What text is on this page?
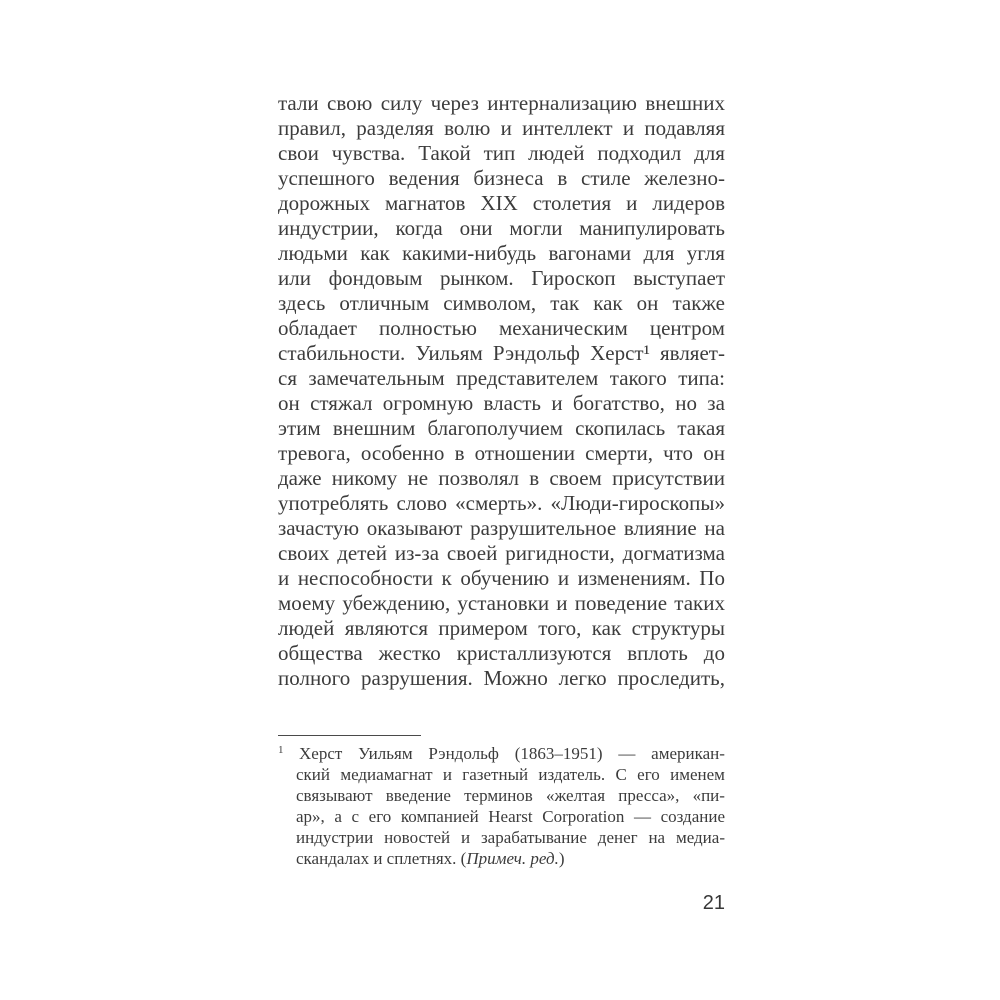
тали свою силу через интернализацию внешних
правил, разделяя волю и интеллект и подавляя
свои чувства. Такой тип людей подходил для
успешного ведения бизнеса в стиле железно-
дорожных магнатов XIX столетия и лидеров
индустрии, когда они могли манипулировать
людьми как какими-нибудь вагонами для угля
или фондовым рынком. Гироскоп выступает
здесь отличным символом, так как он также
обладает полностью механическим центром
стабильности. Уильям Рэндольф Херст¹ являет-
ся замечательным представителем такого типа:
он стяжал огромную власть и богатство, но за
этим внешним благополучием скопилась такая
тревога, особенно в отношении смерти, что он
даже никому не позволял в своем присутствии
употреблять слово «смерть». «Люди-гироскопы»
зачастую оказывают разрушительное влияние на
своих детей из-за своей ригидности, догматизма
и неспособности к обучению и изменениям. По
моему убеждению, установки и поведение таких
людей являются примером того, как структуры
общества жестко кристаллизуются вплоть до
полного разрушения. Можно легко проследить,
1 Херст Уильям Рэндольф (1863–1951) — американ-
ский медиамагнат и газетный издатель. С его именем
связывают введение терминов «желтая пресса», «пи-
ар», а с его компанией Hearst Corporation — создание
индустрии новостей и зарабатывание денег на медиа-
скандалах и сплетнях. (Примеч. ред.)
21
